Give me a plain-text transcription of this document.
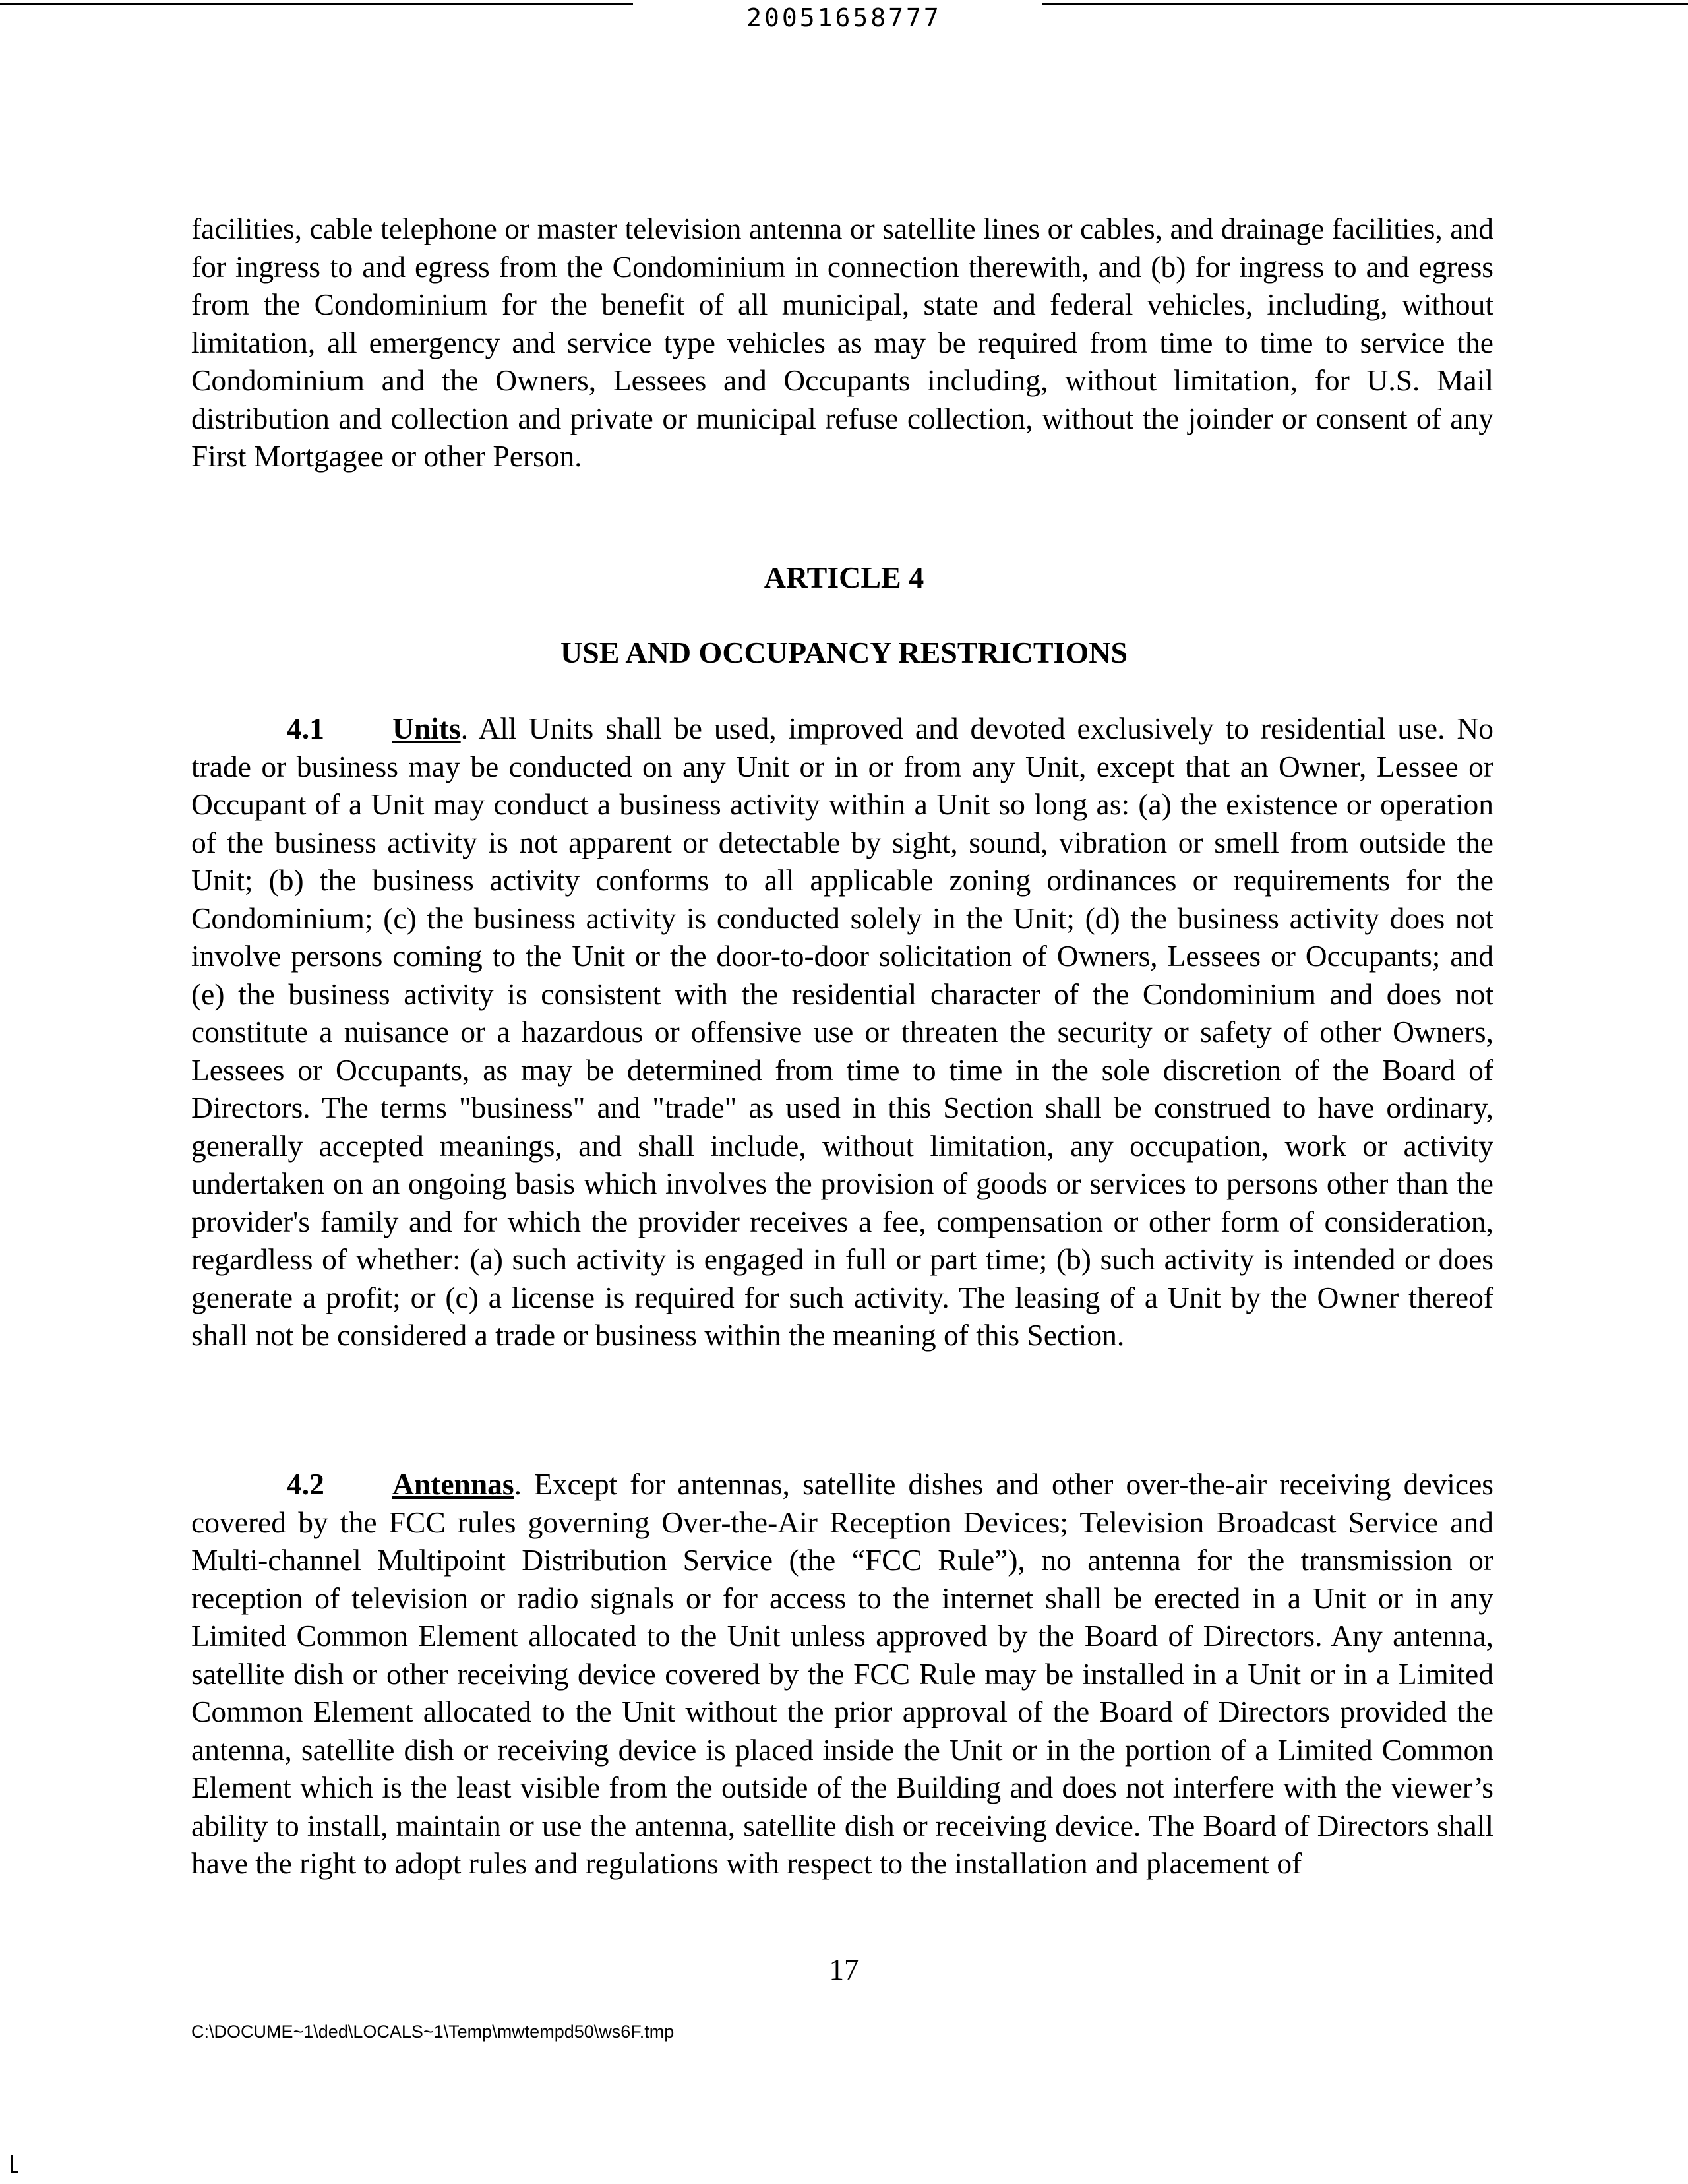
20051658777

facilities, cable telephone or master television antenna or satellite lines or cables, and drainage facilities, and for ingress to and egress from the Condominium in connection therewith, and (b) for ingress to and egress from the Condominium for the benefit of all municipal, state and federal vehicles, including, without limitation, all emergency and service type vehicles as may be required from time to time to service the Condominium and the Owners, Lessees and Occupants including, without limitation, for U.S. Mail distribution and collection and private or municipal refuse collection, without the joinder or consent of any First Mortgagee or other Person.

ARTICLE 4
USE AND OCCUPANCY RESTRICTIONS

4.1 Units. All Units shall be used, improved and devoted exclusively to residential use. No trade or business may be conducted on any Unit or in or from any Unit, except that an Owner, Lessee or Occupant of a Unit may conduct a business activity within a Unit so long as: (a) the existence or operation of the business activity is not apparent or detectable by sight, sound, vibration or smell from outside the Unit; (b) the business activity conforms to all applicable zoning ordinances or requirements for the Condominium; (c) the business activity is conducted solely in the Unit; (d) the business activity does not involve persons coming to the Unit or the door-to-door solicitation of Owners, Lessees or Occupants; and (e) the business activity is consistent with the residential character of the Condominium and does not constitute a nuisance or a hazardous or offensive use or threaten the security or safety of other Owners, Lessees or Occupants, as may be determined from time to time in the sole discretion of the Board of Directors. The terms "business" and "trade" as used in this Section shall be construed to have ordinary, generally accepted meanings, and shall include, without limitation, any occupation, work or activity undertaken on an ongoing basis which involves the provision of goods or services to persons other than the provider's family and for which the provider receives a fee, compensation or other form of consideration, regardless of whether: (a) such activity is engaged in full or part time; (b) such activity is intended or does generate a profit; or (c) a license is required for such activity. The leasing of a Unit by the Owner thereof shall not be considered a trade or business within the meaning of this Section.

4.2 Antennas. Except for antennas, satellite dishes and other over-the-air receiving devices covered by the FCC rules governing Over-the-Air Reception Devices; Television Broadcast Service and Multi-channel Multipoint Distribution Service (the “FCC Rule”), no antenna for the transmission or reception of television or radio signals or for access to the internet shall be erected in a Unit or in any Limited Common Element allocated to the Unit unless approved by the Board of Directors. Any antenna, satellite dish or other receiving device covered by the FCC Rule may be installed in a Unit or in a Limited Common Element allocated to the Unit without the prior approval of the Board of Directors provided the antenna, satellite dish or receiving device is placed inside the Unit or in the portion of a Limited Common Element which is the least visible from the outside of the Building and does not interfere with the viewer’s ability to install, maintain or use the antenna, satellite dish or receiving device. The Board of Directors shall have the right to adopt rules and regulations with respect to the installation and placement of

17
C:\DOCUME~1\ded\LOCALS~1\Temp\mwtempd50\ws6F.tmp
